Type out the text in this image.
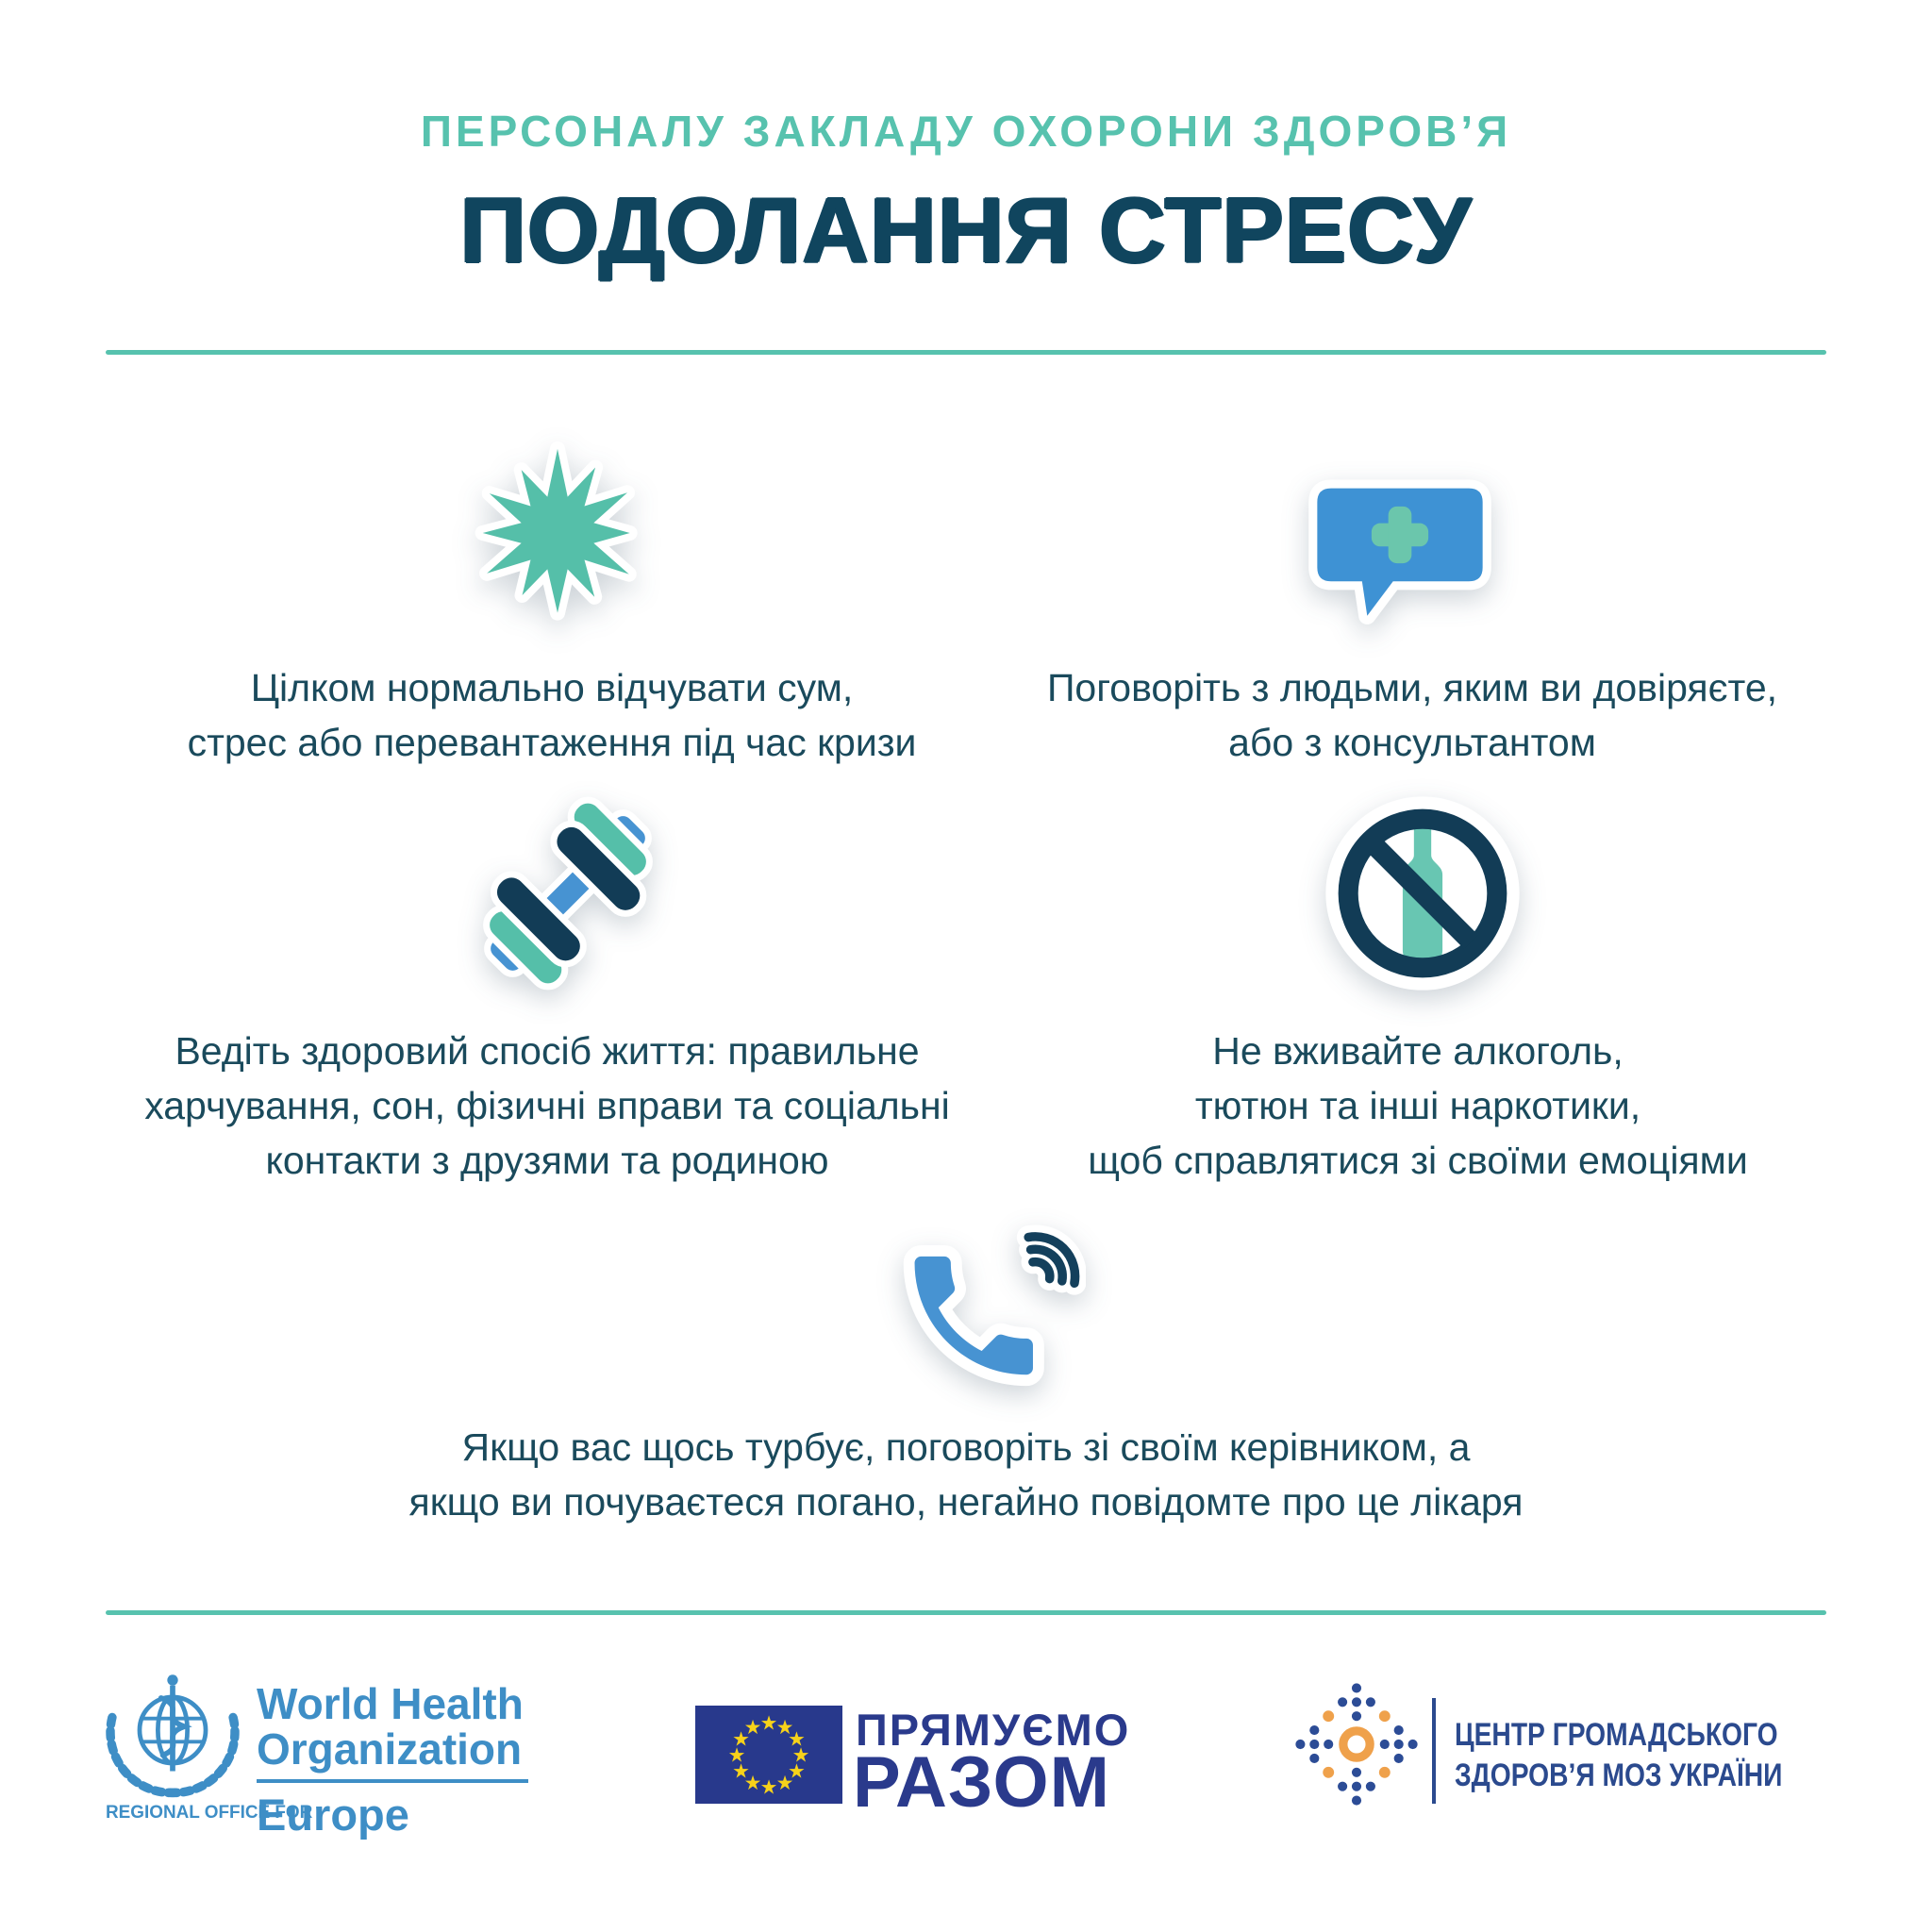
ПЕРСОНАЛУ ЗАКЛАДУ ОХОРОНИ ЗДОРОВ’Я
ПОДОЛАННЯ СТРЕСУ
Цілком нормально відчувати сум,
стрес або перевантаження під час кризи
Поговоріть з людьми, яким ви довіряєте,
або з консультантом
Ведіть здоровий спосіб життя: правильне
харчування, сон, фізичні вправи та соціальні
контакти з друзями та родиною
Не вживайте алкоголь,
тютюн та інші наркотики,
щоб справлятися зі своїми емоціями
Якщо вас щось турбує, поговоріть зі своїм керівником, а
якщо ви почуваєтеся погано, негайно повідомте про це лікаря
World Health
Organization
REGIONAL OFFICE FOR
Europe
★
★
★
★
★
★
★
★
★
★
★
★ ПРЯМУЄМО
РАЗОМ
ЦЕНТР ГРОМАДСЬКОГО
ЗДОРОВ’Я МОЗ УКРАЇНИ
